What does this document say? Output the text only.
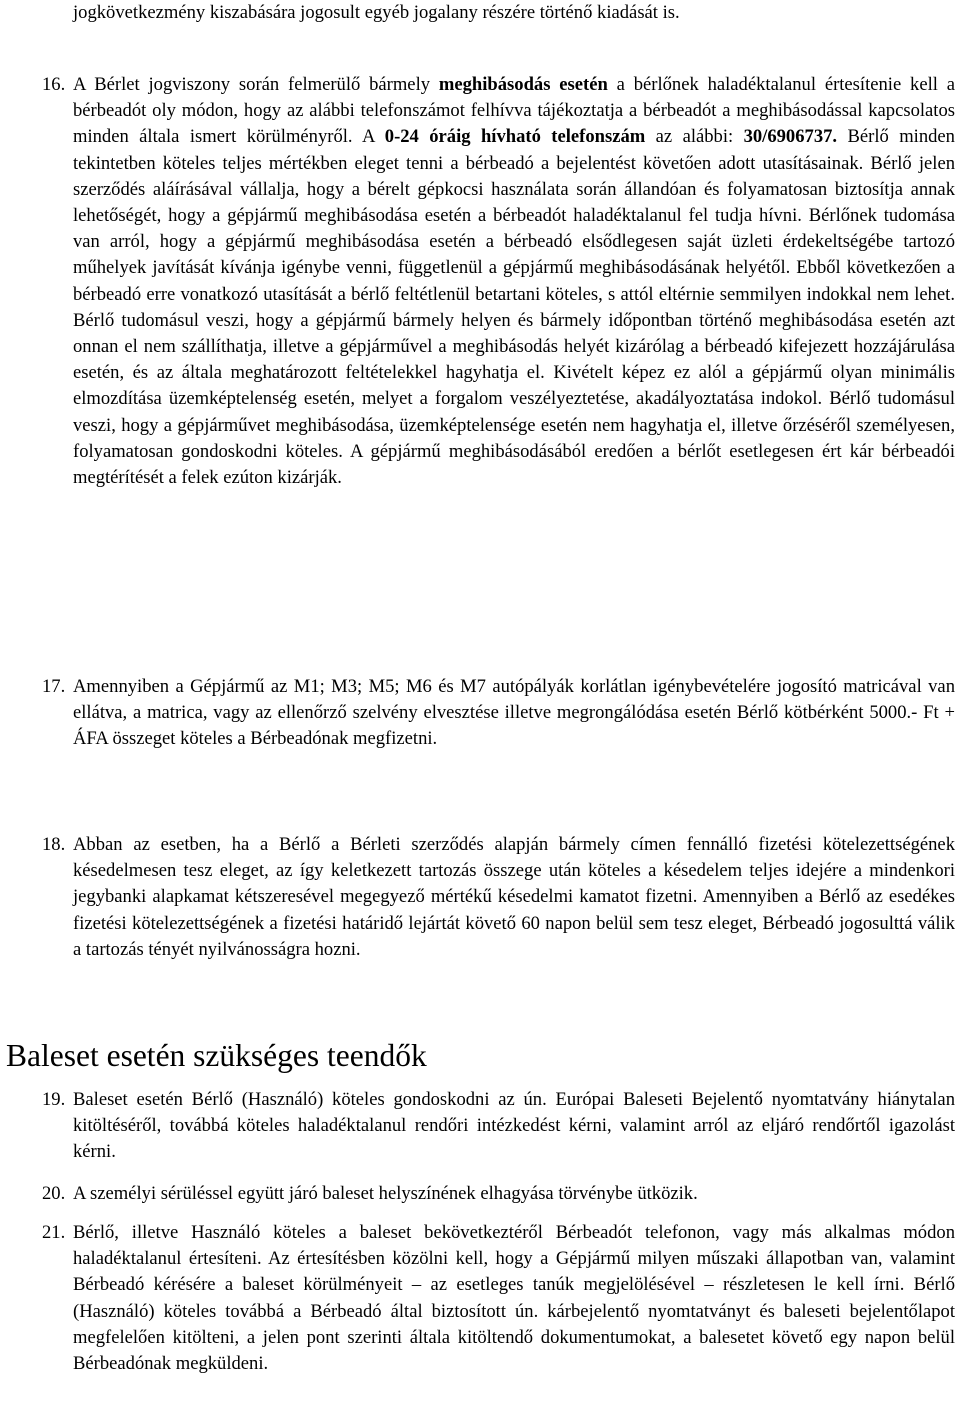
jogkövetkezmény kiszabására jogosult egyéb jogalany részére történő kiadását is.
16. A Bérlet jogviszony során felmerülő bármely meghibásodás esetén a bérlőnek haladéktalanul értesítenie kell a bérbeadót oly módon, hogy az alábbi telefonszámot felhívva tájékoztatja a bérbeadót a meghibásodással kapcsolatos minden általa ismert körülményről. A 0-24 óráig hívható telefonszám az alábbi: 30/6906737. Bérlő minden tekintetben köteles teljes mértékben eleget tenni a bérbeadó a bejelentést követően adott utasításainak. Bérlő jelen szerződés aláírásával vállalja, hogy a bérelt gépkocsi használata során állandóan és folyamatosan biztosítja annak lehetőségét, hogy a gépjármű meghibásodása esetén a bérbeadót haladéktalanul fel tudja hívni. Bérlőnek tudomása van arról, hogy a gépjármű meghibásodása esetén a bérbeadó elsődlegesen saját üzleti érdekeltségébe tartozó műhelyek javítását kívánja igénybe venni, függetlenül a gépjármű meghibásodásának helyétől. Ebből következően a bérbeadó erre vonatkozó utasítását a bérlő feltétlenül betartani köteles, s attól eltérnie semmilyen indokkal nem lehet. Bérlő tudomásul veszi, hogy a gépjármű bármely helyen és bármely időpontban történő meghibásodása esetén azt onnan el nem szállíthatja, illetve a gépjárművel a meghibásodás helyét kizárólag a bérbeadó kifejezett hozzájárulása esetén, és az általa meghatározott feltételekkel hagyhatja el. Kivételt képez ez alól a gépjármű olyan minimális elmozdítása üzemképtelenség esetén, melyet a forgalom veszélyeztetése, akadályoztatása indokol. Bérlő tudomásul veszi, hogy a gépjárművet meghibásodása, üzemképtelensége esetén nem hagyhatja el, illetve őrzéséről személyesen, folyamatosan gondoskodni köteles. A gépjármű meghibásodásából eredően a bérlőt esetlegesen ért kár bérbeadói megtérítését a felek ezúton kizárják.
17. Amennyiben a Gépjármű az M1; M3; M5; M6 és M7 autópályák korlátlan igénybevételére jogosító matricával van ellátva, a matrica, vagy az ellenőrző szelvény elvesztése illetve megrongálódása esetén Bérlő kötbérként 5000.- Ft + ÁFA összeget köteles a Bérbeadónak megfizetni.
18. Abban az esetben, ha a Bérlő a Bérleti szerződés alapján bármely címen fennálló fizetési kötelezettségének késedelmesen tesz eleget, az így keletkezett tartozás összege után köteles a késedelem teljes idejére a mindenkori jegybanki alapkamat kétszeresével megegyező mértékű késedelmi kamatot fizetni. Amennyiben a Bérlő az esedékes fizetési kötelezettségének a fizetési határidő lejártát követő 60 napon belül sem tesz eleget, Bérbeadó jogosulttá válik a tartozás tényét nyilvánosságra hozni.
Baleset esetén szükséges teendők
19. Baleset esetén Bérlő (Használó) köteles gondoskodni az ún. Európai Baleseti Bejelentő nyomtatvány hiánytalan kitöltéséről, továbbá köteles haladéktalanul rendőri intézkedést kérni, valamint arról az eljáró rendőrtől igazolást kérni.
20. A személyi sérüléssel együtt járó baleset helyszínének elhagyása törvénybe ütközik.
21. Bérlő, illetve Használó köteles a baleset bekövetkeztéről Bérbeadót telefonon, vagy más alkalmas módon haladéktalanul értesíteni. Az értesítésben közölni kell, hogy a Gépjármű milyen műszaki állapotban van, valamint Bérbeadó kérésére a baleset körülményeit – az esetleges tanúk megjelölésével – részletesen le kell írni. Bérlő (Használó) köteles továbbá a Bérbeadó által biztosított ún. kárbejelentő nyomtatványt és baleseti bejelentőlapot megfelelően kitölteni, a jelen pont szerinti általa kitöltendő dokumentumokat, a balesetet követő egy napon belül Bérbeadónak megküldeni.
